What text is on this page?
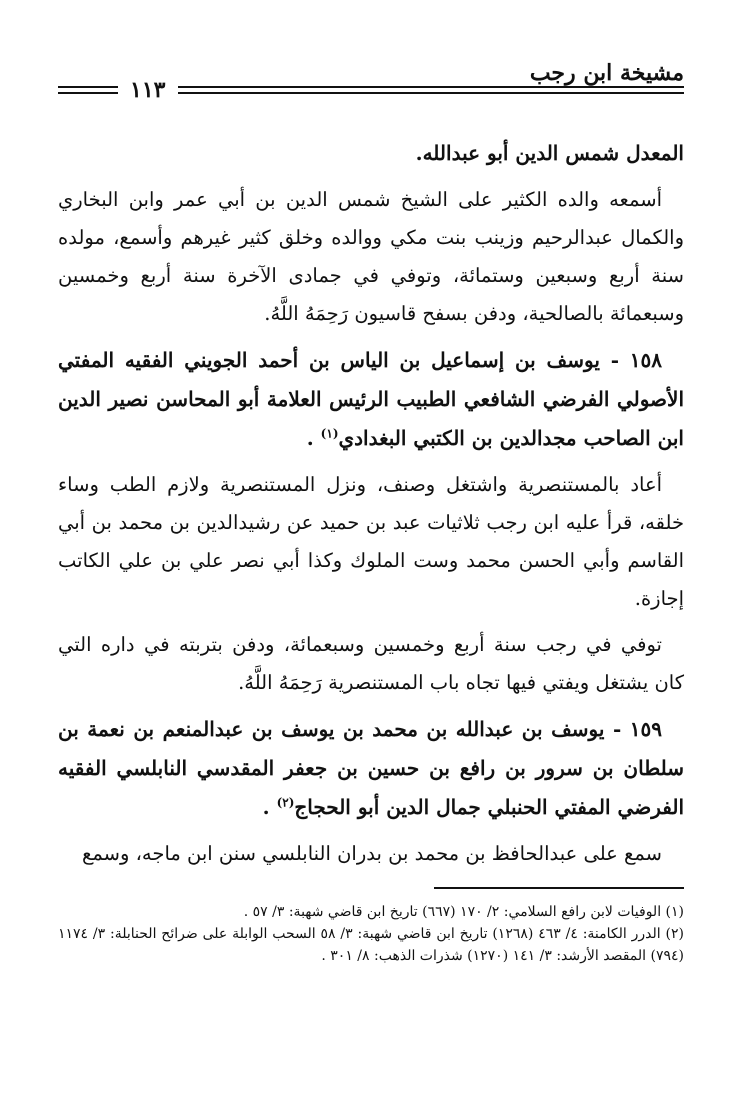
مشيخة ابن رجب
١١٣

المعدل شمس الدين أبو عبدالله.

أسمعه والده الكثير على الشيخ شمس الدين بن أبي عمر وابن البخاري والكمال عبدالرحيم وزينب بنت مكي ووالده وخلق كثير غيرهم وأسمع، مولده سنة أربع وسبعين وستمائة، وتوفي في جمادى الآخرة سنة أربع وخمسين وسبعمائة بالصالحية، ودفن بسفح قاسيون رَحِمَهُ اللَّهُ.

١٥٨ - يوسف بن إسماعيل بن الياس بن أحمد الجويني الفقيه المفتي الأصولي الفرضي الشافعي الطبيب الرئيس العلامة أبو المحاسن نصير الدين ابن الصاحب مجدالدين بن الكتبي البغدادي$^{(١)}$ .

أعاد بالمستنصرية واشتغل وصنف، ونزل المستنصرية ولازم الطب وساء خلقه، قرأ عليه ابن رجب ثلاثيات عبد بن حميد عن رشيدالدين بن محمد بن أبي القاسم وأبي الحسن محمد وست الملوك وكذا أبي نصر علي بن علي الكاتب إجازة.

توفي في رجب سنة أربع وخمسين وسبعمائة، ودفن بتربته في داره التي كان يشتغل ويفتي فيها تجاه باب المستنصرية رَحِمَهُ اللَّهُ.

١٥٩ - يوسف بن عبدالله بن محمد بن يوسف بن عبدالمنعم بن نعمة بن سلطان بن سرور بن رافع بن حسين بن جعفر المقدسي النابلسي الفقيه الفرضي المفتي الحنبلي جمال الدين أبو الحجاج$^{(٢)}$ .

سمع على عبدالحافظ بن محمد بن بدران النابلسي سنن ابن ماجه، وسمع

(١) الوفيات لابن رافع السلامي: ٢/ ١٧٠ (٦٦٧) تاريخ ابن قاضي شهبة: ٣/ ٥٧ .

(٢) الدرر الكامنة: ٤/ ٤٦٣ (١٢٦٨) تاريخ ابن قاضي شهبة: ٣/ ٥٨ السحب الوابلة على ضرائح الحنابلة: ٣/ ١١٧٤ (٧٩٤) المقصد الأرشد: ٣/ ١٤١ (١٢٧٠) شذرات الذهب: ٨/ ٣٠١ .
